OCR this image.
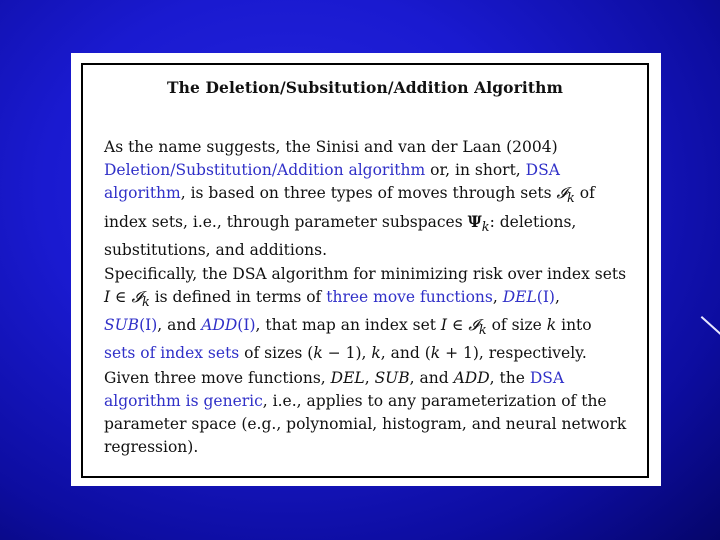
The Deletion/Subsitution/Addition Algorithm
As the name suggests, the Sinisi and van der Laan (2004)
Deletion/Substitution/Addition algorithm or, in short, DSA
algorithm, is based on three types of moves through sets 𝓘$_k$ of
index sets, i.e., through parameter subspaces $\Psi_k$: deletions,
substitutions, and additions.
Specifically, the DSA algorithm for minimizing risk over index sets
I ∈ 𝓘$_k$ is defined in terms of three move functions, DEL(I),
SUB(I), and ADD(I), that map an index set I ∈ 𝓘$_k$ of size k into
sets of index sets of sizes (k − 1), k, and (k + 1), respectively.
Given three move functions, DEL, SUB, and ADD, the DSA
algorithm is generic, i.e., applies to any parameterization of the
parameter space (e.g., polynomial, histogram, and neural network
regression).
